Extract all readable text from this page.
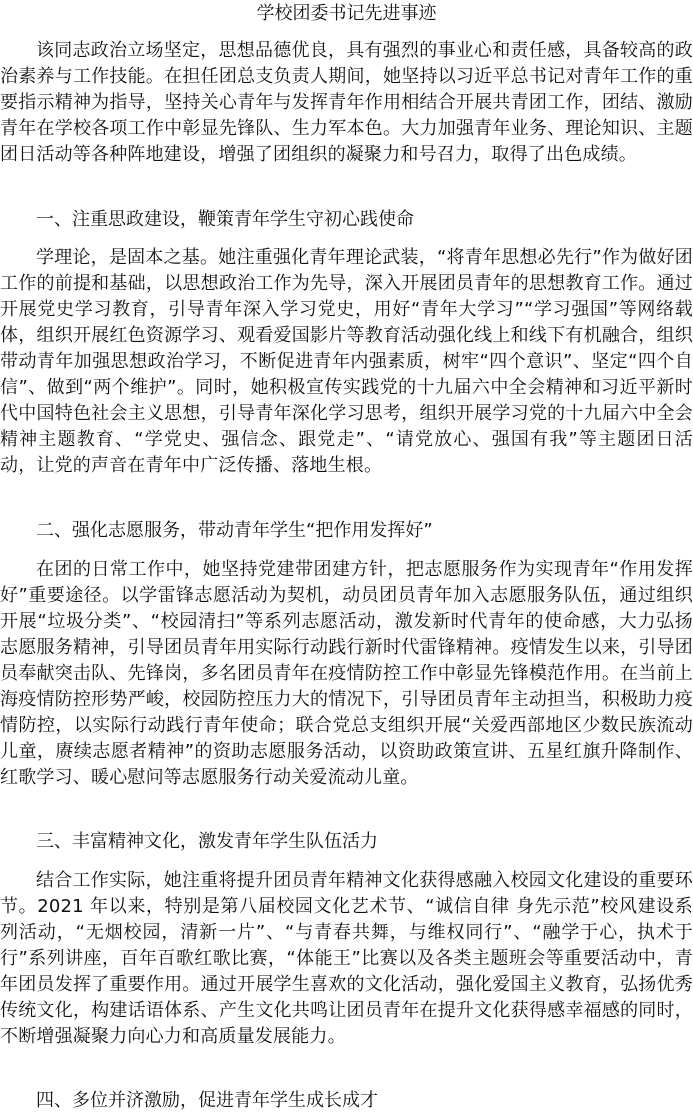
学校团委书记先进事迹

该同志政治立场坚定，思想品德优良，具有强烈的事业心和责任感，具备较高的政治素养与工作技能。在担任团总支负责人期间，她坚持以习近平总书记对青年工作的重要指示精神为指导，坚持关心青年与发挥青年作用相结合开展共青团工作，团结、激励青年在学校各项工作中彰显先锋队、生力军本色。大力加强青年业务、理论知识、主题团日活动等各种阵地建设，增强了团组织的凝聚力和号召力，取得了出色成绩。

一、注重思政建设，鞭策青年学生守初心践使命

学理论，是固本之基。她注重强化青年理论武装，“将青年思想必先行”作为做好团工作的前提和基础，以思想政治工作为先导，深入开展团员青年的思想教育工作。通过开展党史学习教育，引导青年深入学习党史，用好“青年大学习”“学习强国”等网络载体，组织开展红色资源学习、观看爱国影片等教育活动强化线上和线下有机融合，组织带动青年加强思想政治学习，不断促进青年内强素质，树牢“四个意识”、坚定“四个自信”、做到“两个维护”。同时，她积极宣传实践党的十九届六中全会精神和习近平新时代中国特色社会主义思想，引导青年深化学习思考，组织开展学习党的十九届六中全会精神主题教育、“学党史、强信念、跟党走”、“请党放心、强国有我”等主题团日活动，让党的声音在青年中广泛传播、落地生根。

二、强化志愿服务，带动青年学生“把作用发挥好”

在团的日常工作中，她坚持党建带团建方针，把志愿服务作为实现青年“作用发挥好”重要途径。以学雷锋志愿活动为契机，动员团员青年加入志愿服务队伍，通过组织开展“垃圾分类”、“校园清扫”等系列志愿活动，激发新时代青年的使命感，大力弘扬志愿服务精神，引导团员青年用实际行动践行新时代雷锋精神。疫情发生以来，引导团员奉献突击队、先锋岗，多名团员青年在疫情防控工作中彰显先锋模范作用。在当前上海疫情防控形势严峻，校园防控压力大的情况下，引导团员青年主动担当，积极助力疫情防控，以实际行动践行青年使命；联合党总支组织开展“关爱西部地区少数民族流动儿童，赓续志愿者精神”的资助志愿服务活动，以资助政策宣讲、五星红旗升降制作、红歌学习、暖心慰问等志愿服务行动关爱流动儿童。

三、丰富精神文化，激发青年学生队伍活力

结合工作实际，她注重将提升团员青年精神文化获得感融入校园文化建设的重要环节。2021 年以来，特别是第八届校园文化艺术节、“诚信自律 身先示范”校风建设系列活动，“无烟校园，清新一片”、“与青春共舞，与维权同行”、“融学于心，执术于行”系列讲座，百年百歌红歌比赛，“体能王”比赛以及各类主题班会等重要活动中，青年团员发挥了重要作用。通过开展学生喜欢的文化活动，强化爱国主义教育，弘扬优秀传统文化，构建话语体系、产生文化共鸣让团员青年在提升文化获得感幸福感的同时，不断增强凝聚力向心力和高质量发展能力。

四、多位并济激励，促进青年学生成长成才
